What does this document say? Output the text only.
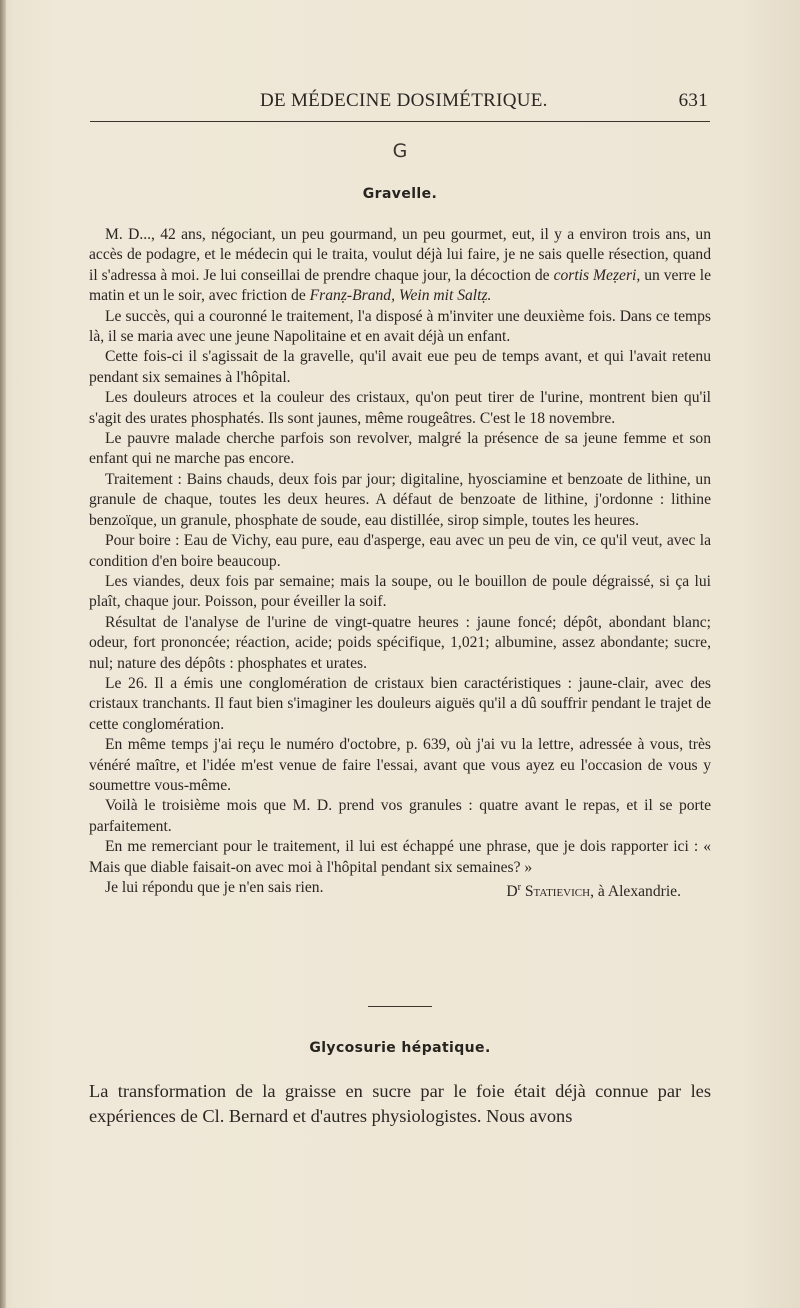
DE MÉDECINE DOSIMÉTRIQUE.	631
G
Gravelle.

M. D..., 42 ans, négociant, un peu gourmand, un peu gourmet, eut, il y a environ trois ans, un accès de podagre, et le médecin qui le traita, voulut déjà lui faire, je ne sais quelle résection, quand il s'adressa à moi. Je lui conseillai de prendre chaque jour, la décoction de cortis Meẓeri, un verre le matin et un le soir, avec friction de Franẓ-Brand, Wein mit Saltẓ.

Le succès, qui a couronné le traitement, l'a disposé à m'inviter une deuxième fois. Dans ce temps là, il se maria avec une jeune Napolitaine et en avait déjà un enfant.

Cette fois-ci il s'agissait de la gravelle, qu'il avait eue peu de temps avant, et qui l'avait retenu pendant six semaines à l'hôpital.

Les douleurs atroces et la couleur des cristaux, qu'on peut tirer de l'urine, montrent bien qu'il s'agit des urates phosphatés. Ils sont jaunes, même rougeâtres. C'est le 18 novembre.

Le pauvre malade cherche parfois son revolver, malgré la présence de sa jeune femme et son enfant qui ne marche pas encore.

Traitement : Bains chauds, deux fois par jour; digitaline, hyosciamine et benzoate de lithine, un granule de chaque, toutes les deux heures. A défaut de benzoate de lithine, j'ordonne : lithine benzoïque, un granule, phosphate de soude, eau distillée, sirop simple, toutes les heures.

Pour boire : Eau de Vichy, eau pure, eau d'asperge, eau avec un peu de vin, ce qu'il veut, avec la condition d'en boire beaucoup.

Les viandes, deux fois par semaine; mais la soupe, ou le bouillon de poule dégraissé, si ça lui plaît, chaque jour. Poisson, pour éveiller la soif.

Résultat de l'analyse de l'urine de vingt-quatre heures : jaune foncé; dépôt, abondant blanc; odeur, fort prononcée; réaction, acide; poids spécifique, 1,021; albumine, assez abondante; sucre, nul; nature des dépôts : phosphates et urates.

Le 26. Il a émis une conglomération de cristaux bien caractéristiques : jaune-clair, avec des cristaux tranchants. Il faut bien s'imaginer les douleurs aiguës qu'il a dû souffrir pendant le trajet de cette conglomération.

En même temps j'ai reçu le numéro d'octobre, p. 639, où j'ai vu la lettre, adressée à vous, très vénéré maître, et l'idée m'est venue de faire l'essai, avant que vous ayez eu l'occasion de vous y soumettre vous-même.

Voilà le troisième mois que M. D. prend vos granules : quatre avant le repas, et il se porte parfaitement.

En me remerciant pour le traitement, il lui est échappé une phrase, que je dois rapporter ici : « Mais que diable faisait-on avec moi à l'hôpital pendant six semaines? »

Je lui répondu que je n'en sais rien.	$D^r$ Statievich, à Alexandrie.

Glycosurie hépatique.

La transformation de la graisse en sucre par le foie était déjà connue par les expériences de Cl. Bernard et d'autres physiologistes. Nous avons
